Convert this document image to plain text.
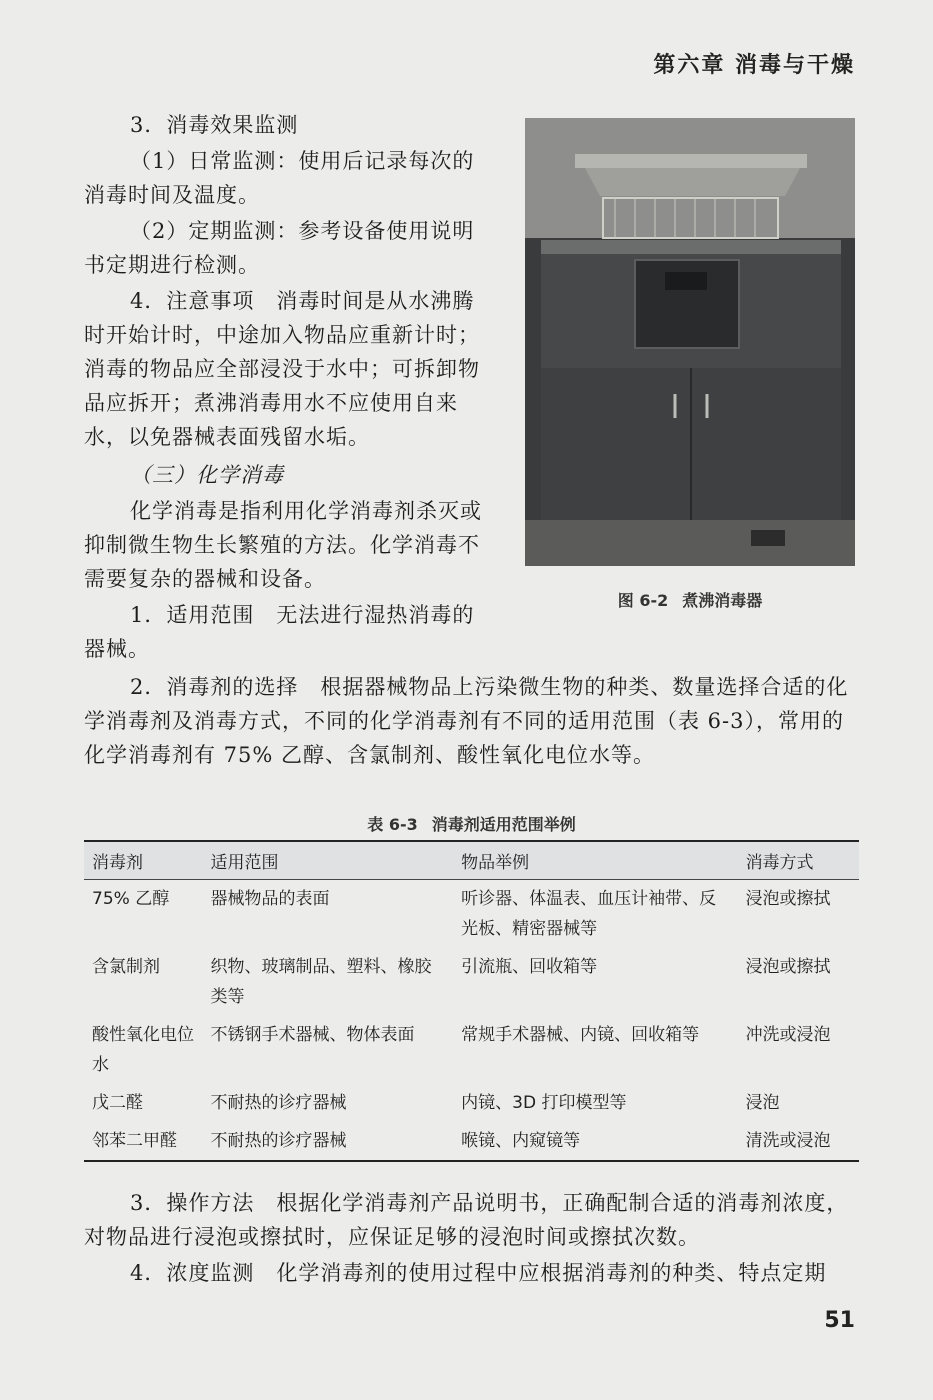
第六章 消毒与干燥

3．消毒效果监测

（1）日常监测：使用后记录每次的消毒时间及温度。

（2）定期监测：参考设备使用说明书定期进行检测。

4．注意事项　消毒时间是从水沸腾时开始计时，中途加入物品应重新计时；消毒的物品应全部浸没于水中；可拆卸物品应拆开；煮沸消毒用水不应使用自来水，以免器械表面残留水垢。

（三）化学消毒

化学消毒是指利用化学消毒剂杀灭或抑制微生物生长繁殖的方法。化学消毒不需要复杂的器械和设备。

1．适用范围　无法进行湿热消毒的器械。

图 6-2 煮沸消毒器

2．消毒剂的选择　根据器械物品上污染微生物的种类、数量选择合适的化学消毒剂及消毒方式，不同的化学消毒剂有不同的适用范围（表 6-3），常用的化学消毒剂有 75% 乙醇、含氯制剂、酸性氧化电位水等。

表 6-3 消毒剂适用范围举例
消毒剂	适用范围	物品举例	消毒方式
75% 乙醇	器械物品的表面	听诊器、体温表、血压计袖带、反光板、精密器械等	浸泡或擦拭
含氯制剂	织物、玻璃制品、塑料、橡胶类等	引流瓶、回收箱等	浸泡或擦拭
酸性氧化电位水	不锈钢手术器械、物体表面	常规手术器械、内镜、回收箱等	冲洗或浸泡
戊二醛	不耐热的诊疗器械	内镜、3D 打印模型等	浸泡
邻苯二甲醛	不耐热的诊疗器械	喉镜、内窥镜等	清洗或浸泡

3．操作方法　根据化学消毒剂产品说明书，正确配制合适的消毒剂浓度，对物品进行浸泡或擦拭时，应保证足够的浸泡时间或擦拭次数。

4．浓度监测　化学消毒剂的使用过程中应根据消毒剂的种类、特点定期

51
